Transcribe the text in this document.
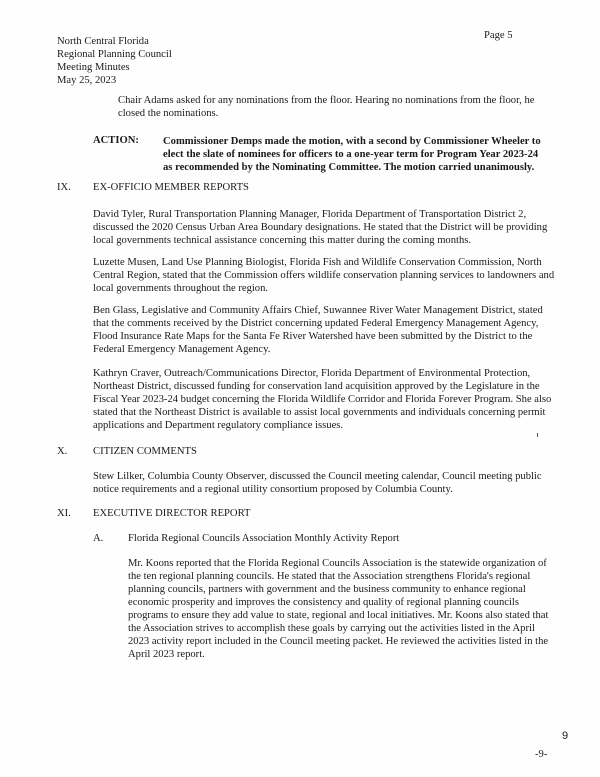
North Central Florida
Regional Planning Council
Meeting Minutes
May 25, 2023
Page 5

Chair Adams asked for any nominations from the floor. Hearing no nominations from the floor, he closed the nominations.

ACTION: Commissioner Demps made the motion, with a second by Commissioner Wheeler to elect the slate of nominees for officers to a one-year term for Program Year 2023-24 as recommended by the Nominating Committee. The motion carried unanimously.
IX. EX-OFFICIO MEMBER REPORTS

David Tyler, Rural Transportation Planning Manager, Florida Department of Transportation District 2, discussed the 2020 Census Urban Area Boundary designations. He stated that the District will be providing local governments technical assistance concerning this matter during the coming months.

Luzette Musen, Land Use Planning Biologist, Florida Fish and Wildlife Conservation Commission, North Central Region, stated that the Commission offers wildlife conservation planning services to landowners and local governments throughout the region.

Ben Glass, Legislative and Community Affairs Chief, Suwannee River Water Management District, stated that the comments received by the District concerning updated Federal Emergency Management Agency, Flood Insurance Rate Maps for the Santa Fe River Watershed have been submitted by the District to the Federal Emergency Management Agency.

Kathryn Craver, Outreach/Communications Director, Florida Department of Environmental Protection, Northeast District, discussed funding for conservation land acquisition approved by the Legislature in the Fiscal Year 2023-24 budget concerning the Florida Wildlife Corridor and Florida Forever Program. She also stated that the Northeast District is available to assist local governments and individuals concerning permit applications and Department regulatory compliance issues.

X. CITIZEN COMMENTS

Stew Lilker, Columbia County Observer, discussed the Council meeting calendar, Council meeting public notice requirements and a regional utility consortium proposed by Columbia County.

XI. EXECUTIVE DIRECTOR REPORT
A. Florida Regional Councils Association Monthly Activity Report

Mr. Koons reported that the Florida Regional Councils Association is the statewide organization of the ten regional planning councils. He stated that the Association strengthens Florida's regional planning councils, partners with government and the business community to enhance regional economic prosperity and improves the consistency and quality of regional planning councils programs to ensure they add value to state, regional and local initiatives. Mr. Koons also stated that the Association strives to accomplish these goals by carrying out the activities listed in the April 2023 activity report included in the Council meeting packet. He reviewed the activities listed in the April 2023 report.

9
-9-
